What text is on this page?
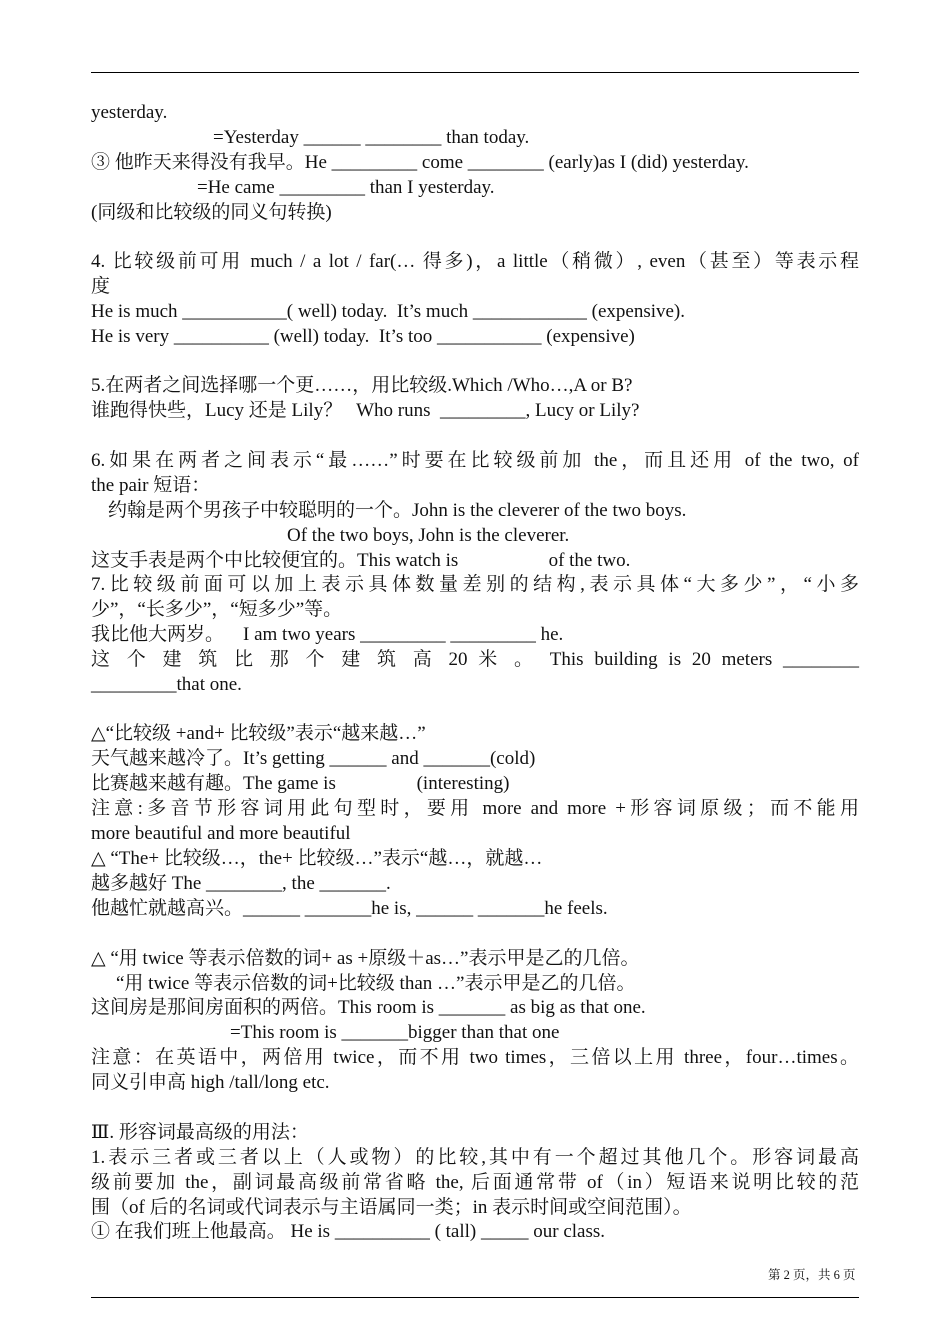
yesterday.
=Yesterday ______ ________ than today.
③ 他昨天来得没有我早。He _________ come ________ (early)as I (did) yesterday.
=He came _________ than I yesterday.
(同级和比较级的同义句转换)
4. 比较级前可用 much / a lot / far(… 得多)，a little（稍微）, even（甚至）等表示程
度
He is much ___________( well) today.  It’s much ____________ (expensive).
He is very __________ (well) today.  It’s too ___________ (expensive)
5.在两者之间选择哪一个更……，用比较级.Which /Who…,A or B?
谁跑得快些，Lucy 还是 Lily？   Who runs  _________, Lucy or Lily?
6.如果在两者之间表示“最……”时要在比较级前加 the，而且还用 of the two, of
the pair 短语：
约翰是两个男孩子中较聪明的一个。John is the cleverer of the two boys.
Of the two boys, John is the cleverer.
这支手表是两个中比较便宜的。This watch is                   of the two.
7.比较级前面可以加上表示具体数量差别的结构,表示具体“大多少”，“小多
少”，“长多少”，“短多少”等。
我比他大两岁。    I am two years _________ _________ he.
这 个 建 筑 比 那 个 建 筑 高 20 米 。 This building is 20 meters ________
_________that one.
△“比较级 +and+ 比较级”表示“越来越…”
天气越来越冷了。It’s getting ______ and _______(cold)
比赛越来越有趣。The game is                 (interesting)
注意:多音节形容词用此句型时，要用 more and more +形容词原级；而不能用
more beautiful and more beautiful
△ “The+ 比较级…，the+ 比较级…”表示“越…，就越…
越多越好 The ________, the _______.
他越忙就越高兴。______ _______he is, ______ _______he feels.
△ “用 twice 等表示倍数的词+ as +原级＋as…”表示甲是乙的几倍。
“用 twice 等表示倍数的词+比较级 than …”表示甲是乙的几倍。
这间房是那间房面积的两倍。This room is _______ as big as that one.
=This room is _______bigger than that one
注意：在英语中，两倍用 twice，而不用 two times，三倍以上用 three，four…times。
同义引申高 high /tall/long etc.
Ⅲ. 形容词最高级的用法：
1.表示三者或三者以上（人或物）的比较,其中有一个超过其他几个。形容词最高
级前要加 the，副词最高级前常省略 the, 后面通常带 of（in）短语来说明比较的范
围（of 后的名词或代词表示与主语属同一类；in 表示时间或空间范围）。
① 在我们班上他最高。 He is __________ ( tall) _____ our class.
第 2 页，共 6 页
